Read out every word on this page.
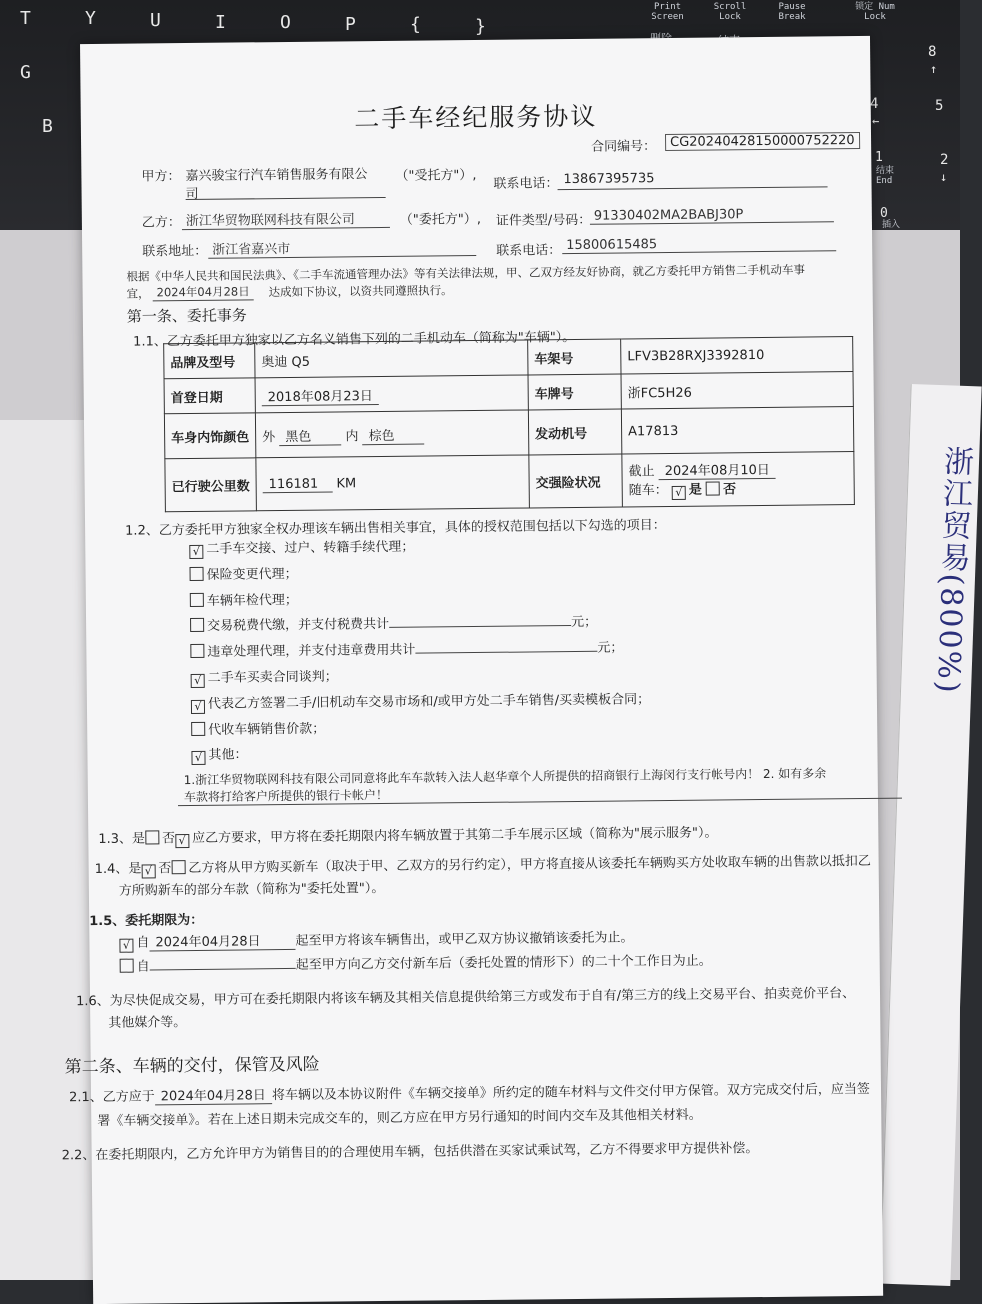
T	Y	U	I	O	P	{	}
G
B
Print Screen
Scroll Lock
Pause Break
锁定 Num Lock
8
↑
5
4
←
1
结束
End
2
↓
0
插入
浙江贸易(800%)
二手车经纪服务协议
合同编号：	CG20240428150000752220
甲方： 嘉兴骏宝行汽车销售服务有限公
司
（"受托方"）,
联系电话： 13867395735
乙方： 浙江华贸物联网科技有限公司	（"委托方"）, 证件类型/号码： 91330402MA2BABJ30P
联系地址： 浙江省嘉兴市	联系电话： 15800615485
根据《中华人民共和国民法典》、《二手车流通管理办法》等有关法律法规，甲、乙双方经友好协商，就乙方委托甲方销售二手机动车事
宜， 2024年04月28日	达成如下协议，以资共同遵照执行。
第一条、委托事务
1.1、乙方委托甲方独家以乙方名义销售下列的二手机动车（简称为"车辆"）。
品牌及型号	奥迪 Q5	车架号	LFV3B28RXJ3392810
首登日期	2018年08月23日	车牌号	浙FC5H26
车身内饰颜色	外 黑色 内 棕色	发动机号	A17813
已行驶公里数	116181 KM	交强险状况	截止 2024年08月10日
随车： √ 是 否
1.2、乙方委托甲方独家全权办理该车辆出售相关事宜，具体的授权范围包括以下勾选的项目：
√ 二手车交接、过户、转籍手续代理；
保险变更代理；
车辆年检代理；
交易税费代缴，并支付税费共计	元；
违章处理代理，并支付违章费用共计	元；
√ 二手车买卖合同谈判；
√ 代表乙方签署二手/旧机动车交易市场和/或甲方处二手车销售/买卖模板合同；
代收车辆销售价款；
√ 其他：
1.浙江华贸物联网科技有限公司同意将此车车款转入法人赵华章个人所提供的招商银行上海闵行支行帐号内！ 2. 如有多余
车款将打给客户所提供的银行卡帐户！
1.3、是 否 √ 应乙方要求，甲方将在委托期限内将车辆放置于其第二手车展示区域（简称为"展示服务"）。
1.4、是 √ 否 乙方将从甲方购买新车（取决于甲、乙双方的另行约定），甲方将直接从该委托车辆购买方处收取车辆的出售款以抵扣乙
方所购新车的部分车款（简称为"委托处置"）。
1.5、委托期限为：
√ 自 2024年04月28日	起至甲方将该车辆售出，或甲乙双方协议撤销该委托为止。
自	起至甲方向乙方交付新车后（委托处置的情形下）的二十个工作日为止。
1.6、为尽快促成交易，甲方可在委托期限内将该车辆及其相关信息提供给第三方或发布于自有/第三方的线上交易平台、拍卖竞价平台、
其他媒介等。
第二条、车辆的交付，保管及风险
2.1、乙方应于 2024年04月28日 将车辆以及本协议附件《车辆交接单》所约定的随车材料与文件交付甲方保管。双方完成交付后，应当签
署《车辆交接单》。若在上述日期未完成交车的，则乙方应在甲方另行通知的时间内交车及其他相关材料。
2.2、在委托期限内，乙方允许甲方为销售目的的合理使用车辆，包括供潜在买家试乘试驾，乙方不得要求甲方提供补偿。
